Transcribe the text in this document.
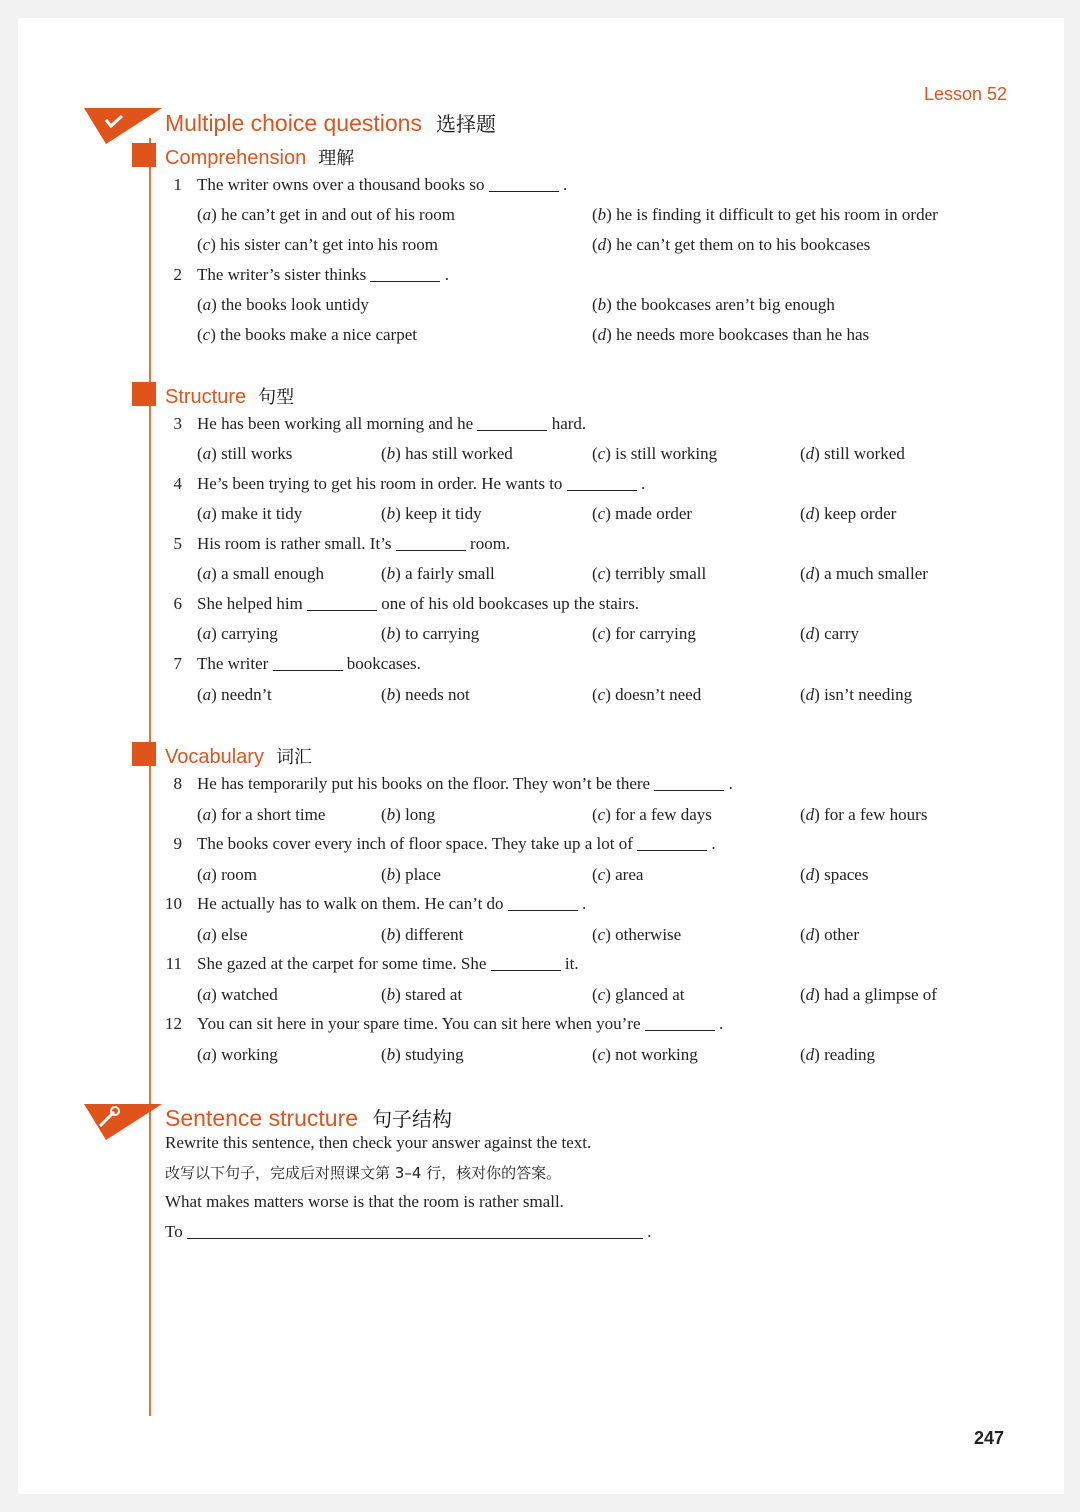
Lesson 52
Multiple choice questions 选择题
Comprehension 理解
1 The writer owns over a thousand books so	.
(a) he can’t get in and out of his room	(b) he is finding it difficult to get his room in order
(c) his sister can’t get into his room	(d) he can’t get them on to his bookcases
2 The writer’s sister thinks	.
(a) the books look untidy	(b) the bookcases aren’t big enough
(c) the books make a nice carpet	(d) he needs more bookcases than he has
Structure 句型
3 He has been working all morning and he	hard.
(a) still works	(b) has still worked	(c) is still working	(d) still worked
4 He’s been trying to get his room in order. He wants to	.
(a) make it tidy	(b) keep it tidy	(c) made order	(d) keep order
5 His room is rather small. It’s	room.
(a) a small enough	(b) a fairly small	(c) terribly small	(d) a much smaller
6 She helped him	one of his old bookcases up the stairs.
(a) carrying	(b) to carrying	(c) for carrying	(d) carry
7 The writer	bookcases.
(a) needn’t	(b) needs not	(c) doesn’t need	(d) isn’t needing
Vocabulary 词汇
8 He has temporarily put his books on the floor. They won’t be there	.
(a) for a short time	(b) long	(c) for a few days	(d) for a few hours
9 The books cover every inch of floor space. They take up a lot of	.
(a) room	(b) place	(c) area	(d) spaces
10 He actually has to walk on them. He can’t do	.
(a) else	(b) different	(c) otherwise	(d) other
11 She gazed at the carpet for some time. She	it.
(a) watched	(b) stared at	(c) glanced at	(d) had a glimpse of
12 You can sit here in your spare time. You can sit here when you’re	.
(a) working	(b) studying	(c) not working	(d) reading
Sentence structure 句子结构
Rewrite this sentence, then check your answer against the text.
改写以下句子，完成后对照课文第 3–4 行，核对你的答案。
What makes matters worse is that the room is rather small.
To	.
247
